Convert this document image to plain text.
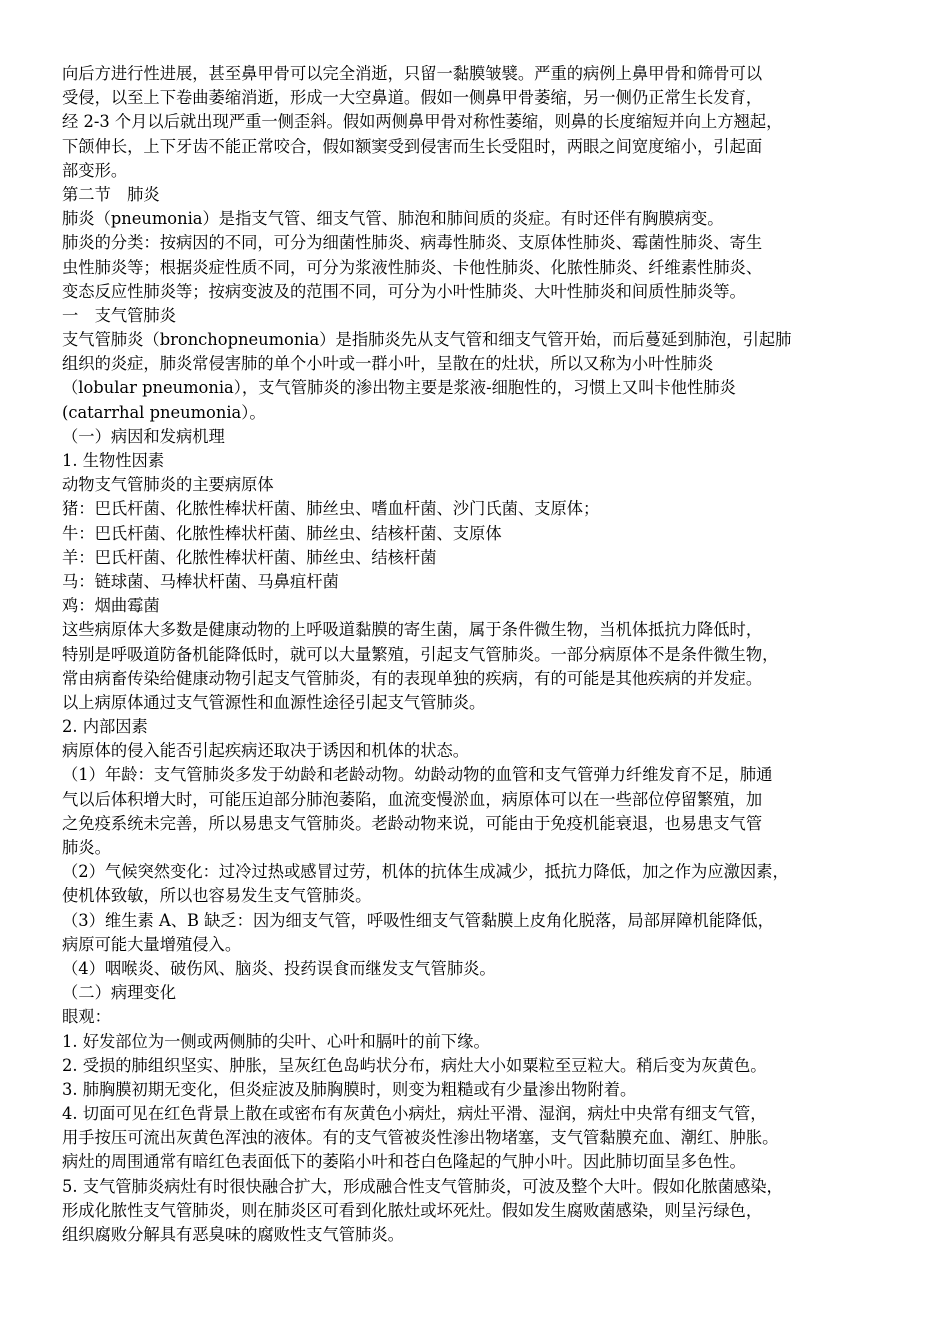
向后方进行性进展，甚至鼻甲骨可以完全消逝，只留一黏膜皱襞。严重的病例上鼻甲骨和筛骨可以
受侵，以至上下卷曲萎缩消逝，形成一大空鼻道。假如一侧鼻甲骨萎缩，另一侧仍正常生长发育，
经 2-3 个月以后就出现严重一侧歪斜。假如两侧鼻甲骨对称性萎缩，则鼻的长度缩短并向上方翘起，
下颌伸长，上下牙齿不能正常咬合，假如额窦受到侵害而生长受阻时，两眼之间宽度缩小，引起面
部变形。
第二节　肺炎
肺炎（pneumonia）是指支气管、细支气管、肺泡和肺间质的炎症。有时还伴有胸膜病变。
肺炎的分类：按病因的不同，可分为细菌性肺炎、病毒性肺炎、支原体性肺炎、霉菌性肺炎、寄生
虫性肺炎等；根据炎症性质不同，可分为浆液性肺炎、卡他性肺炎、化脓性肺炎、纤维素性肺炎、
变态反应性肺炎等；按病变波及的范围不同，可分为小叶性肺炎、大叶性肺炎和间质性肺炎等。
一　支气管肺炎
支气管肺炎（bronchopneumonia）是指肺炎先从支气管和细支气管开始，而后蔓延到肺泡，引起肺
组织的炎症，肺炎常侵害肺的单个小叶或一群小叶，呈散在的灶状，所以又称为小叶性肺炎
（lobular pneumonia），支气管肺炎的渗出物主要是浆液-细胞性的，习惯上又叫卡他性肺炎
(catarrhal pneumonia）。
（一）病因和发病机理
1. 生物性因素
动物支气管肺炎的主要病原体
猪：巴氏杆菌、化脓性棒状杆菌、肺丝虫、嗜血杆菌、沙门氏菌、支原体；
牛：巴氏杆菌、化脓性棒状杆菌、肺丝虫、结核杆菌、支原体
羊：巴氏杆菌、化脓性棒状杆菌、肺丝虫、结核杆菌
马：链球菌、马棒状杆菌、马鼻疽杆菌
鸡：烟曲霉菌
这些病原体大多数是健康动物的上呼吸道黏膜的寄生菌，属于条件微生物，当机体抵抗力降低时，
特别是呼吸道防备机能降低时，就可以大量繁殖，引起支气管肺炎。一部分病原体不是条件微生物，
常由病畜传染给健康动物引起支气管肺炎，有的表现单独的疾病，有的可能是其他疾病的并发症。
以上病原体通过支气管源性和血源性途径引起支气管肺炎。
2. 内部因素
病原体的侵入能否引起疾病还取决于诱因和机体的状态。
（1）年龄：支气管肺炎多发于幼龄和老龄动物。幼龄动物的血管和支气管弹力纤维发育不足，肺通
气以后体积增大时，可能压迫部分肺泡萎陷，血流变慢淤血，病原体可以在一些部位停留繁殖，加
之免疫系统未完善，所以易患支气管肺炎。老龄动物来说，可能由于免疫机能衰退，也易患支气管
肺炎。
（2）气候突然变化：过冷过热或感冒过劳，机体的抗体生成减少，抵抗力降低，加之作为应激因素，
使机体致敏，所以也容易发生支气管肺炎。
（3）维生素 A、B 缺乏：因为细支气管，呼吸性细支气管黏膜上皮角化脱落，局部屏障机能降低，
病原可能大量增殖侵入。
（4）咽喉炎、破伤风、脑炎、投药误食而继发支气管肺炎。
（二）病理变化
眼观：
1. 好发部位为一侧或两侧肺的尖叶、心叶和膈叶的前下缘。
2. 受损的肺组织坚实、肿胀，呈灰红色岛屿状分布，病灶大小如粟粒至豆粒大。稍后变为灰黄色。
3. 肺胸膜初期无变化，但炎症波及肺胸膜时，则变为粗糙或有少量渗出物附着。
4. 切面可见在红色背景上散在或密布有灰黄色小病灶，病灶平滑、湿润，病灶中央常有细支气管，
用手按压可流出灰黄色浑浊的液体。有的支气管被炎性渗出物堵塞，支气管黏膜充血、潮红、肿胀。
病灶的周围通常有暗红色表面低下的萎陷小叶和苍白色隆起的气肿小叶。因此肺切面呈多色性。
5. 支气管肺炎病灶有时很快融合扩大，形成融合性支气管肺炎，可波及整个大叶。假如化脓菌感染，
形成化脓性支气管肺炎，则在肺炎区可看到化脓灶或坏死灶。假如发生腐败菌感染，则呈污绿色，
组织腐败分解具有恶臭味的腐败性支气管肺炎。
